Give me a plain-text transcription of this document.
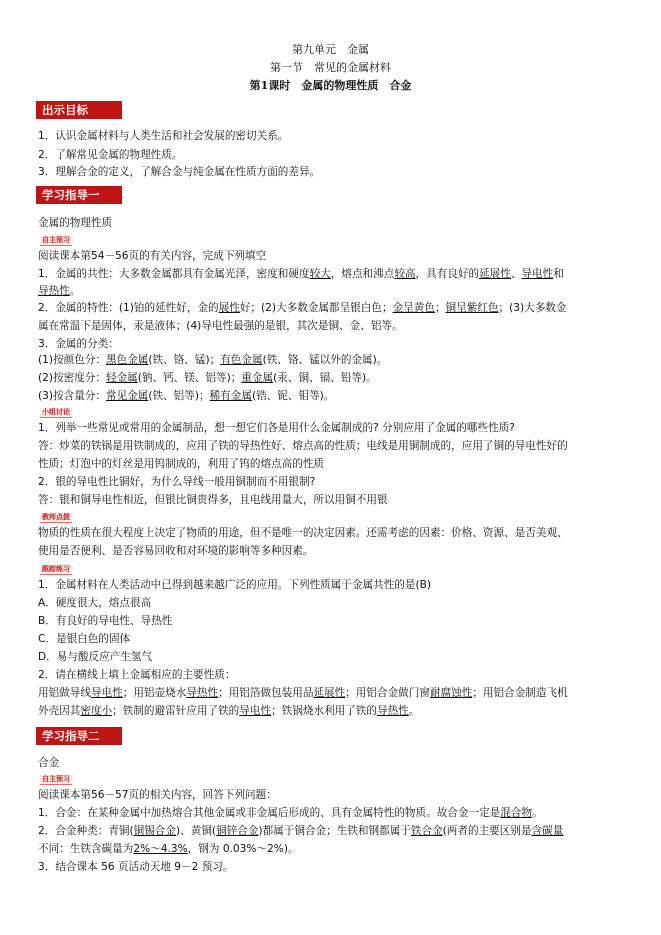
第九单元　金属
第一节　常见的金属材料
第1课时　金属的物理性质　合金
出示目标
1．认识金属材料与人类生活和社会发展的密切关系。
2．了解常见金属的物理性质。
3．理解合金的定义，了解合金与纯金属在性质方面的差异。
学习指导一
金属的物理性质
自主预习
阅读课本第54－56页的有关内容，完成下列填空
1．金属的共性：大多数金属都具有金属光泽，密度和硬度较大，熔点和沸点较高，具有良好的延展性、导电性和
导热性。
2．金属的特性：(1)铂的延性好，金的展性好；(2)大多数金属都呈银白色；金呈黄色；铜呈紫红色；(3)大多数金
属在常温下是固体，汞是液体；(4)导电性最强的是银，其次是铜、金、铝等。
3．金属的分类：
(1)按颜色分：黑色金属(铁、铬、锰)；有色金属(铁、铬、锰以外的金属)。
(2)按密度分：轻金属(钠、钙、镁、铝等)；重金属(汞、铜、镉、铅等)。
(3)按含量分：常见金属(铁、铝等)；稀有金属(锆、铌、钼等)。
小组讨论
1．列举一些常见或常用的金属制品，想一想它们各是用什么金属制成的? 分别应用了金属的哪些性质?
答：炒菜的铁锅是用铁制成的，应用了铁的导热性好、熔点高的性质；电线是用铜制成的，应用了铜的导电性好的
性质；灯泡中的灯丝是用钨制成的，利用了钨的熔点高的性质
2．银的导电性比铜好，为什么导线一般用铜制而不用银制?
答：银和铜导电性相近，但银比铜贵得多，且电线用量大，所以用铜不用银
教师点拨
物质的性质在很大程度上决定了物质的用途，但不是唯一的决定因素。还需考虑的因素：价格、资源、是否美观、
使用是否便利、是否容易回收和对环境的影响等多种因素。
跟踪练习
1．金属材料在人类活动中已得到越来越广泛的应用。下列性质属于金属共性的是(B)
A．硬度很大，熔点很高
B．有良好的导电性、导热性
C．是银白色的固体
D．易与酸反应产生氢气
2．请在横线上填上金属相应的主要性质：
用铝做导线导电性；用铝壶烧水导热性；用铝箔做包装用品延展性；用铝合金做门窗耐腐蚀性；用铝合金制造飞机
外壳因其密度小；铁制的避雷针应用了铁的导电性；铁锅烧水利用了铁的导热性。
学习指导二
合金
自主预习
阅读课本第56－57页的相关内容，回答下列问题：
1．合金：在某种金属中加热熔合其他金属或非金属后形成的、具有金属特性的物质。故合金一定是混合物。
2．合金种类：青铜(铜锡合金)、黄铜(铜锌合金)都属于铜合金；生铁和钢都属于铁合金(两者的主要区别是含碳量
不同：生铁含碳量为2%～4.3%，钢为 0.03%～2%)。
3．结合课本 56 页活动天地 9－2 预习。
